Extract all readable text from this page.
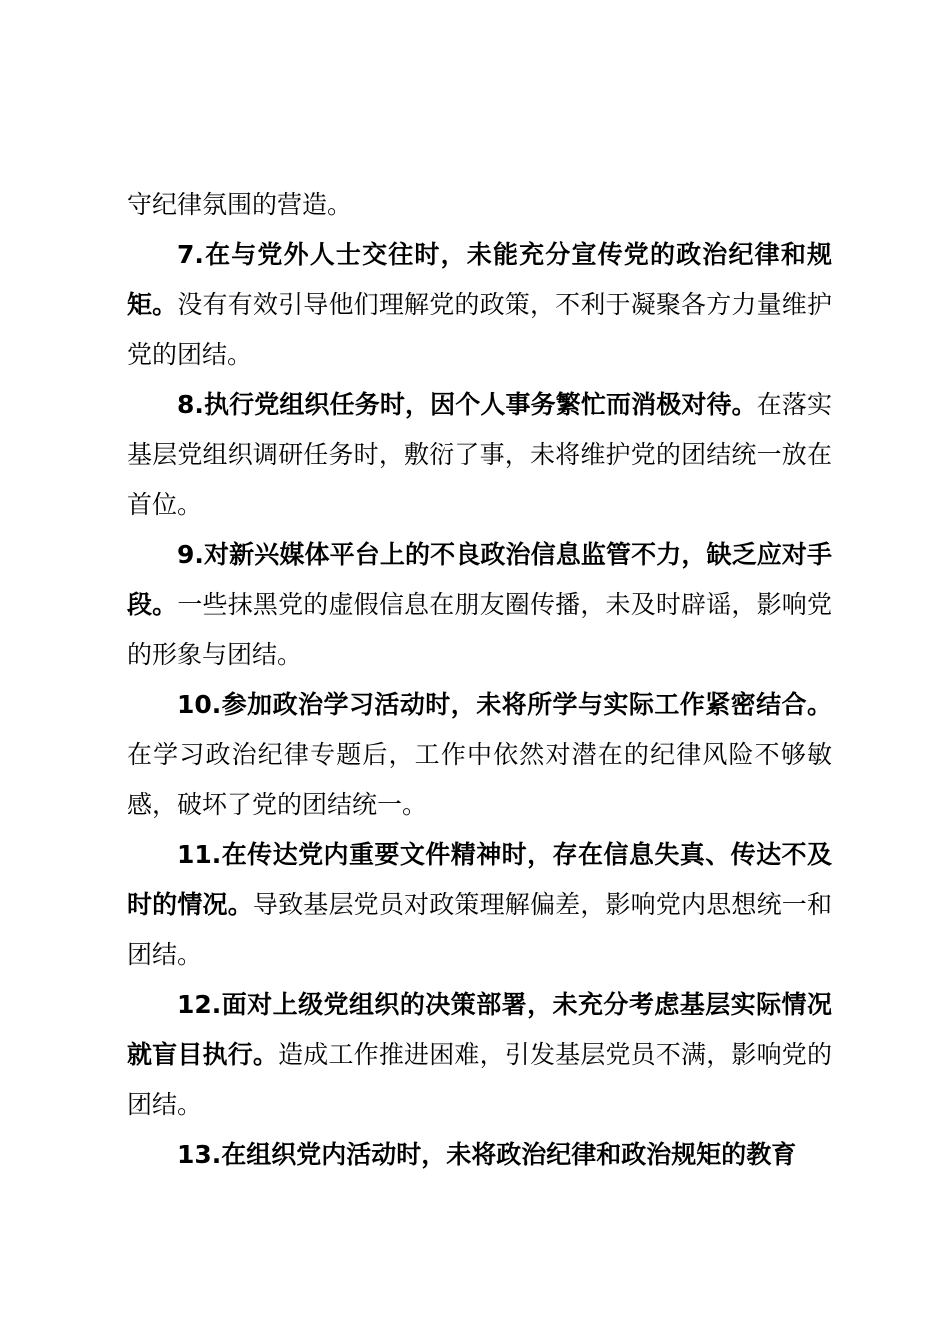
守纪律氛围的营造。

7.在与党外人士交往时，未能充分宣传党的政治纪律和规矩。没有有效引导他们理解党的政策，不利于凝聚各方力量维护党的团结。

8.执行党组织任务时，因个人事务繁忙而消极对待。在落实基层党组织调研任务时，敷衍了事，未将维护党的团结统一放在首位。

9.对新兴媒体平台上的不良政治信息监管不力，缺乏应对手段。一些抹黑党的虚假信息在朋友圈传播，未及时辟谣，影响党的形象与团结。

10.参加政治学习活动时，未将所学与实际工作紧密结合。在学习政治纪律专题后，工作中依然对潜在的纪律风险不够敏感，破坏了党的团结统一。

11.在传达党内重要文件精神时，存在信息失真、传达不及时的情况。导致基层党员对政策理解偏差，影响党内思想统一和团结。

12.面对上级党组织的决策部署，未充分考虑基层实际情况就盲目执行。造成工作推进困难，引发基层党员不满，影响党的团结。

13.在组织党内活动时，未将政治纪律和政治规矩的教育
